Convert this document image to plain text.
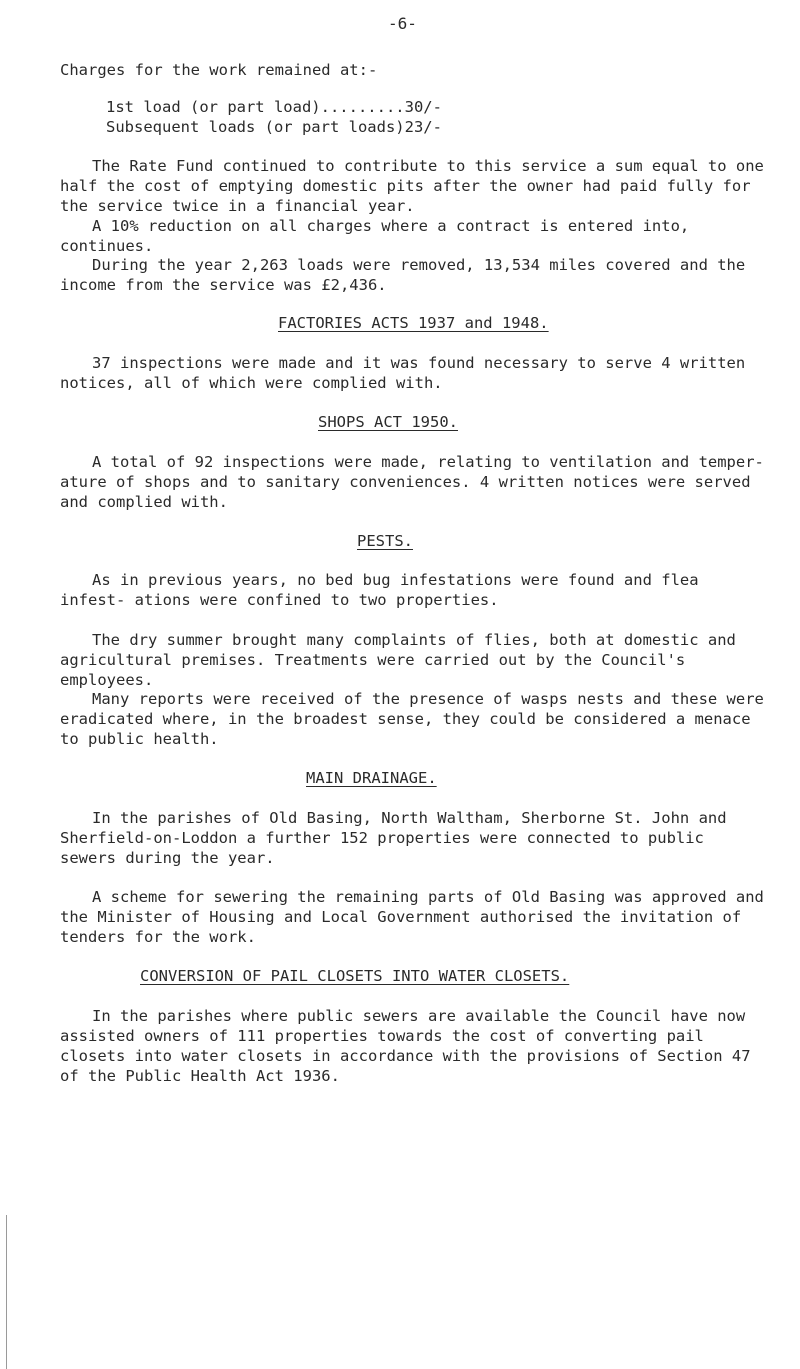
-6-
Charges for the work remained at:-
1st load (or part load).........30/-
Subsequent loads (or part loads)23/-
The Rate Fund continued to contribute to this service a sum equal to one half the cost of emptying domestic pits after the owner had paid fully for the service twice in a financial year.
A 10% reduction on all charges where a contract is entered into, continues.
During the year 2,263 loads were removed, 13,534 miles covered and the income from the service was £2,436.
FACTORIES ACTS 1937 and 1948.
37 inspections were made and it was found necessary to serve 4 written notices, all of which were complied with.
SHOPS ACT 1950.
A total of 92 inspections were made, relating to ventilation and temper- ature of shops and to sanitary conveniences. 4 written notices were served and complied with.
PESTS.
As in previous years, no bed bug infestations were found and flea infest- ations were confined to two properties.
The dry summer brought many complaints of flies, both at domestic and agricultural premises. Treatments were carried out by the Council's employees.
Many reports were received of the presence of wasps nests and these were eradicated where, in the broadest sense, they could be considered a menace to public health.
MAIN DRAINAGE.
In the parishes of Old Basing, North Waltham, Sherborne St. John and Sherfield-on-Loddon a further 152 properties were connected to public sewers during the year.
A scheme for sewering the remaining parts of Old Basing was approved and the Minister of Housing and Local Government authorised the invitation of tenders for the work.
CONVERSION OF PAIL CLOSETS INTO WATER CLOSETS.
In the parishes where public sewers are available the Council have now assisted owners of 111 properties towards the cost of converting pail closets into water closets in accordance with the provisions of Section 47 of the Public Health Act 1936.
